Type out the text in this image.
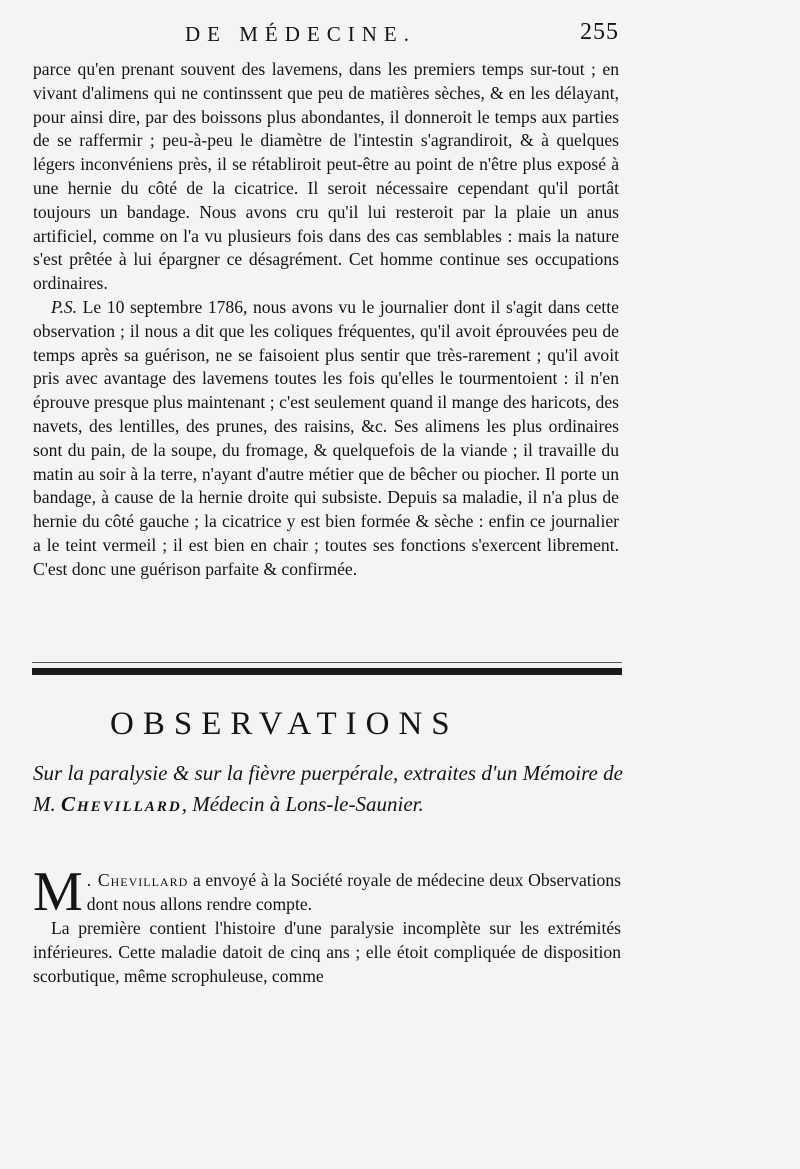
DE MÉDECINE.	255

parce qu'en prenant souvent des lavemens, dans les premiers temps sur-tout ; en vivant d'alimens qui ne continssent que peu de matières sèches, & en les délayant, pour ainsi dire, par des boissons plus abondantes, il donneroit le temps aux parties de se raffermir ; peu-à-peu le diamètre de l'intestin s'agrandiroit, & à quelques légers inconvéniens près, il se rétabliroit peut-être au point de n'être plus exposé à une hernie du côté de la cicatrice. Il seroit nécessaire cependant qu'il portât toujours un bandage. Nous avons cru qu'il lui resteroit par la plaie un anus artificiel, comme on l'a vu plusieurs fois dans des cas semblables : mais la nature s'est prêtée à lui épargner ce désagrément. Cet homme continue ses occupations ordinaires.

P.S. Le 10 septembre 1786, nous avons vu le journalier dont il s'agit dans cette observation ; il nous a dit que les coliques fréquentes, qu'il avoit éprouvées peu de temps après sa guérison, ne se faisoient plus sentir que très-rarement ; qu'il avoit pris avec avantage des lavemens toutes les fois qu'elles le tourmentoient : il n'en éprouve presque plus maintenant ; c'est seulement quand il mange des haricots, des navets, des lentilles, des prunes, des raisins, &c. Ses alimens les plus ordinaires sont du pain, de la soupe, du fromage, & quelquefois de la viande ; il travaille du matin au soir à la terre, n'ayant d'autre métier que de bêcher ou piocher. Il porte un bandage, à cause de la hernie droite qui subsiste. Depuis sa maladie, il n'a plus de hernie du côté gauche ; la cicatrice y est bien formée & sèche : enfin ce journalier a le teint vermeil ; il est bien en chair ; toutes ses fonctions s'exercent librement. C'est donc une guérison parfaite & confirmée.

OBSERVATIONS
Sur la paralysie & sur la fièvre puerpérale, extraites d'un Mémoire de M. Chevillard, Médecin à Lons-le-Saunier.

M . Chevillard a envoyé à la Société royale de médecine deux Observations dont nous allons rendre compte.

La première contient l'histoire d'une paralysie incomplète sur les extrémités inférieures. Cette maladie datoit de cinq ans ; elle étoit compliquée de disposition scorbutique, même scrophuleuse, comme
